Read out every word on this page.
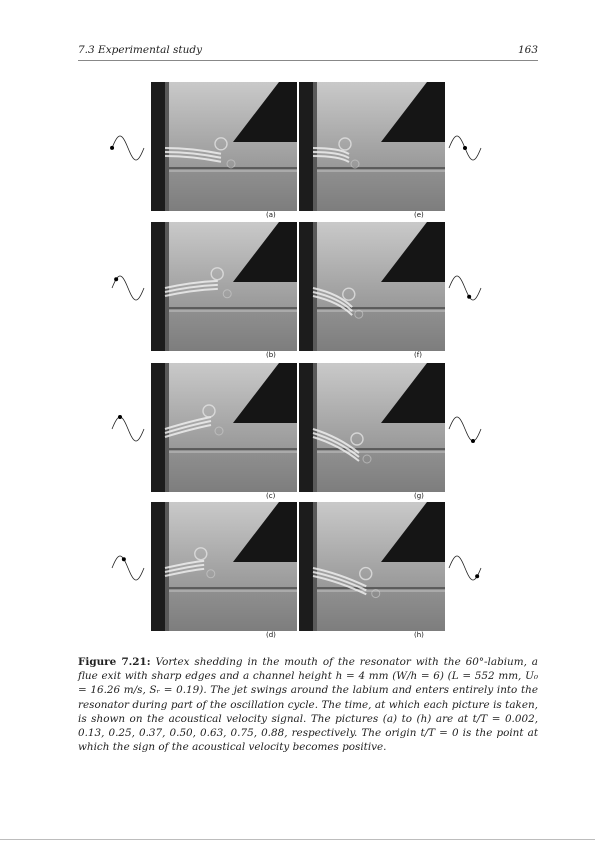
7.3 Experimental study	163
(a)	(e)
(b)	(f)
(c)	(g)
(d)	(h)
Figure 7.21: Vortex shedding in the mouth of the resonator with the 60°-labium, a flue exit with sharp edges and a channel height h = 4 mm (W/h = 6) (L = 552 mm, U₀ = 16.26 m/s, Sᵣ = 0.19). The jet swings around the labium and enters entirely into the resonator during part of the oscillation cycle. The time, at which each picture is taken, is shown on the acoustical velocity signal. The pictures (a) to (h) are at t/T = 0.002, 0.13, 0.25, 0.37, 0.50, 0.63, 0.75, 0.88, respectively. The origin t/T = 0 is the point at which the sign of the acoustical velocity becomes positive.
